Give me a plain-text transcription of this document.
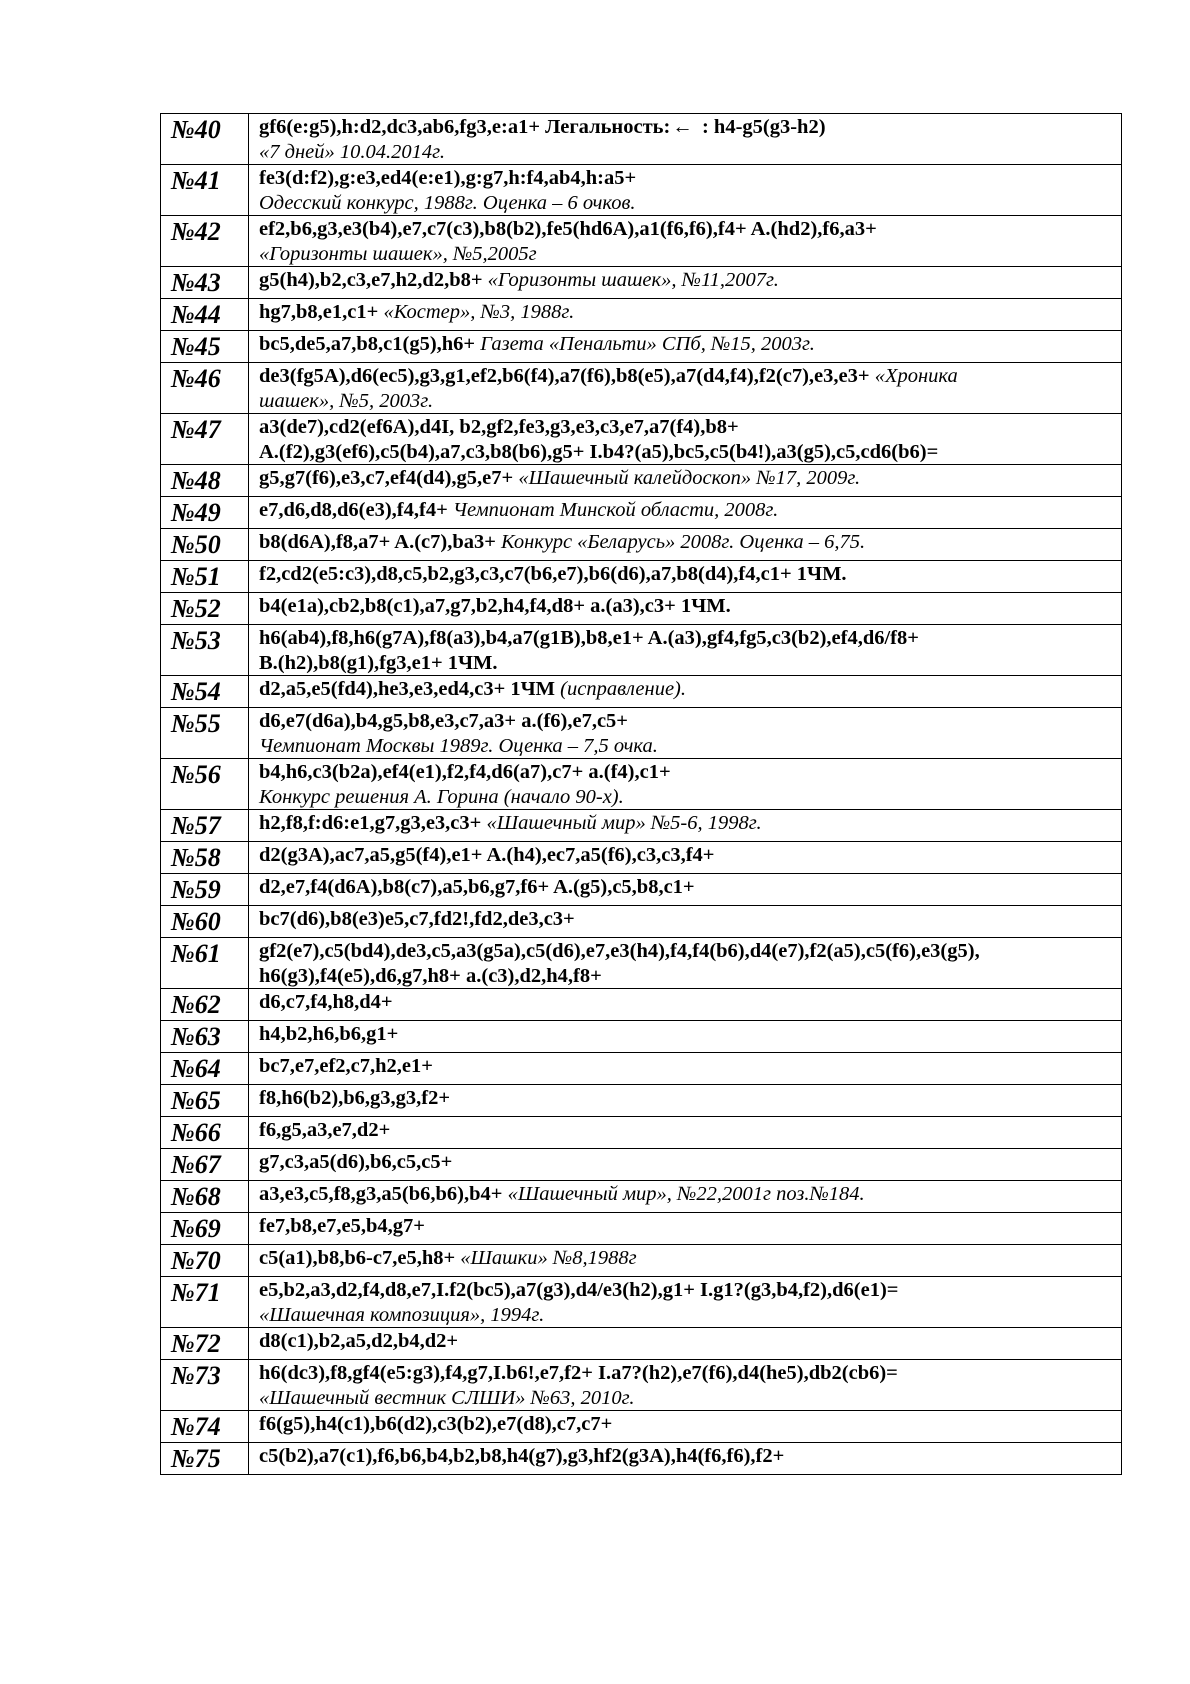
№40	gf6(e:g5),h:d2,dc3,ab6,fg3,e:a1+ Легальность:← : h4-g5(g3-h2)
«7 дней» 10.04.2014г.

№41	fe3(d:f2),g:e3,ed4(e:e1),g:g7,h:f4,ab4,h:a5+
Одесский конкурс, 1988г. Оценка – 6 очков.

№42	ef2,b6,g3,e3(b4),e7,c7(c3),b8(b2),fe5(hd6A),a1(f6,f6),f4+ A.(hd2),f6,a3+
«Горизонты шашек», №5,2005г

№43	g5(h4),b2,c3,e7,h2,d2,b8+ «Горизонты шашек», №11,2007г.

№44	hg7,b8,e1,c1+ «Костер», №3, 1988г.

№45	bc5,de5,a7,b8,c1(g5),h6+ Газета «Пенальти» СПб, №15, 2003г.

№46	de3(fg5A),d6(ec5),g3,g1,ef2,b6(f4),a7(f6),b8(e5),a7(d4,f4),f2(c7),e3,e3+ «Хроника
шашек», №5, 2003г.

№47	a3(de7),cd2(ef6A),d4I, b2,gf2,fe3,g3,e3,c3,e7,a7(f4),b8+
A.(f2),g3(ef6),c5(b4),a7,c3,b8(b6),g5+ I.b4?(a5),bc5,c5(b4!),a3(g5),c5,cd6(b6)=

№48	g5,g7(f6),e3,c7,ef4(d4),g5,e7+ «Шашечный калейдоскоп» №17, 2009г.

№49	e7,d6,d8,d6(e3),f4,f4+ Чемпионат Минской области, 2008г.

№50	b8(d6A),f8,a7+ A.(c7),ba3+ Конкурс «Беларусь» 2008г. Оценка – 6,75.

№51	f2,cd2(e5:c3),d8,c5,b2,g3,c3,c7(b6,e7),b6(d6),a7,b8(d4),f4,c1+ 1ЧМ.

№52	b4(e1a),cb2,b8(c1),a7,g7,b2,h4,f4,d8+ a.(a3),c3+ 1ЧМ.

№53	h6(ab4),f8,h6(g7A),f8(a3),b4,a7(g1B),b8,e1+ A.(a3),gf4,fg5,c3(b2),ef4,d6/f8+
B.(h2),b8(g1),fg3,e1+ 1ЧМ.

№54	d2,a5,e5(fd4),he3,e3,ed4,c3+ 1ЧМ (исправление).

№55	d6,e7(d6a),b4,g5,b8,e3,c7,a3+ a.(f6),e7,c5+
Чемпионат Москвы 1989г. Оценка – 7,5 очка.

№56	b4,h6,c3(b2a),ef4(e1),f2,f4,d6(a7),c7+ a.(f4),c1+
Конкурс решения А. Горина (начало 90-х).

№57	h2,f8,f:d6:e1,g7,g3,e3,c3+ «Шашечный мир» №5-6, 1998г.

№58	d2(g3A),ac7,a5,g5(f4),e1+ A.(h4),ec7,a5(f6),c3,c3,f4+

№59	d2,e7,f4(d6A),b8(c7),a5,b6,g7,f6+ A.(g5),c5,b8,c1+

№60	bc7(d6),b8(e3)e5,c7,fd2!,fd2,de3,c3+

№61	gf2(e7),c5(bd4),de3,c5,a3(g5a),c5(d6),e7,e3(h4),f4,f4(b6),d4(e7),f2(a5),c5(f6),e3(g5),
h6(g3),f4(e5),d6,g7,h8+ a.(c3),d2,h4,f8+

№62	d6,c7,f4,h8,d4+

№63	h4,b2,h6,b6,g1+

№64	bc7,e7,ef2,c7,h2,e1+

№65	f8,h6(b2),b6,g3,g3,f2+

№66	f6,g5,a3,e7,d2+

№67	g7,c3,a5(d6),b6,c5,c5+

№68	a3,e3,c5,f8,g3,a5(b6,b6),b4+ «Шашечный мир», №22,2001г поз.№184.

№69	fe7,b8,e7,e5,b4,g7+

№70	c5(a1),b8,b6-c7,e5,h8+ «Шашки» №8,1988г

№71	e5,b2,a3,d2,f4,d8,e7,I.f2(bc5),a7(g3),d4/e3(h2),g1+ I.g1?(g3,b4,f2),d6(e1)=
«Шашечная композиция», 1994г.

№72	d8(c1),b2,a5,d2,b4,d2+

№73	h6(dc3),f8,gf4(e5:g3),f4,g7,I.b6!,e7,f2+ I.a7?(h2),e7(f6),d4(he5),db2(cb6)=
«Шашечный вестник СЛШИ» №63, 2010г.

№74	f6(g5),h4(c1),b6(d2),c3(b2),e7(d8),c7,c7+

№75	c5(b2),a7(c1),f6,b6,b4,b2,b8,h4(g7),g3,hf2(g3A),h4(f6,f6),f2+
